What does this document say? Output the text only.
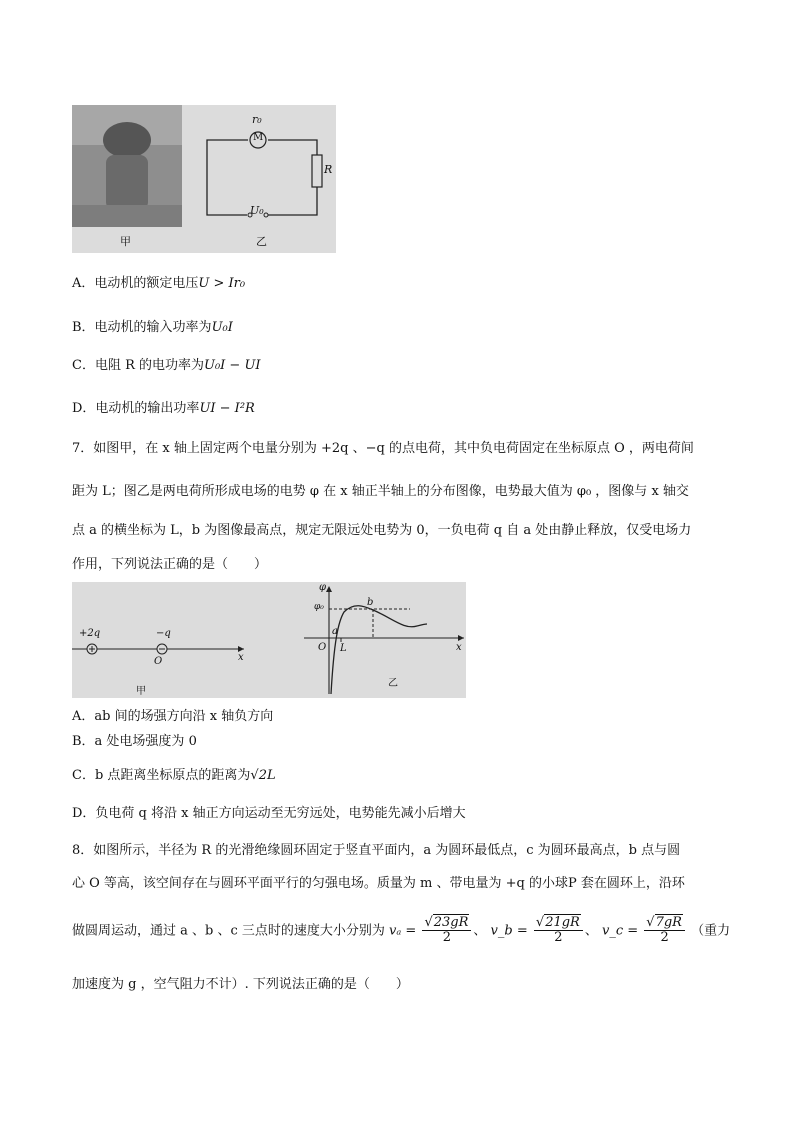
M
r₀
R
U₀
甲	乙
A．电动机的额定电压U > Ir₀
B．电动机的输入功率为U₀I
C．电阻 R 的电功率为U₀I − UI
D．电动机的输出功率UI − I²R
7．如图甲，在 x 轴上固定两个电量分别为 +2q 、−q 的点电荷，其中负电荷固定在坐标原点 O ，两电荷间
距为 L；图乙是两电荷所形成电场的电势 φ 在 x 轴正半轴上的分布图像，电势最大值为 φ₀ ，图像与 x 轴交
点 a 的横坐标为 L，b 为图像最高点，规定无限远处电势为 0，一负电荷 q 自 a 处由静止释放，仅受电场力
作用，下列说法正确的是（　　）
+2q	−q
O	x
甲
φ
x
φ₀
a
b
O L
乙
A．ab 间的场强方向沿 x 轴负方向
B．a 处电场强度为 0
C．b 点距离坐标原点的距离为√2L
D．负电荷 q 将沿 x 轴正方向运动至无穷远处，电势能先减小后增大
8．如图所示，半径为 R 的光滑绝缘圆环固定于竖直平面内，a 为圆环最低点，c 为圆环最高点，b 点与圆
心 O 等高，该空间存在与圆环平面平行的匀强电场。质量为 m 、带电量为 +q 的小球P 套在圆环上，沿环
做圆周运动，通过 a 、b 、c 三点时的速度大小分别为 $v_a = \frac{√23gR}{2}$ 、 v_b = $\frac{√21gR}{2}$ 、 v_c = $\frac{√7gR}{2}$ （重力
加速度为 g ，空气阻力不计）. 下列说法正确的是（　　）
